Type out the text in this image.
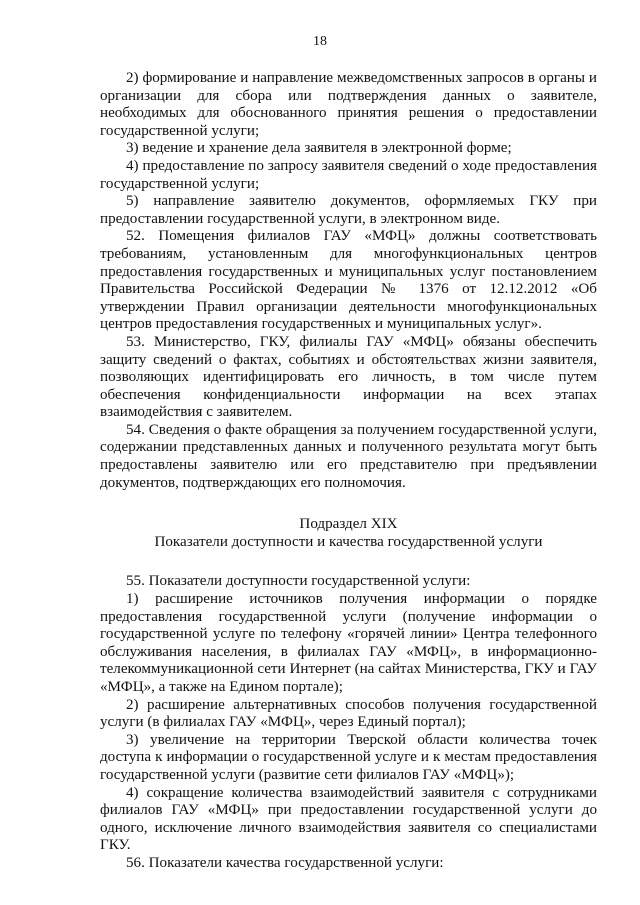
18

2) формирование и направление межведомственных запросов в органы и организации для сбора или подтверждения данных о заявителе, необходимых для обоснованного принятия решения о предоставлении государственной услуги;

3) ведение и хранение дела заявителя в электронной форме;

4) предоставление по запросу заявителя сведений о ходе предоставления государственной услуги;

5) направление заявителю документов, оформляемых ГКУ при предоставлении государственной услуги, в электронном виде.

52. Помещения филиалов ГАУ «МФЦ» должны соответствовать требованиям, установленным для многофункциональных центров предоставления государственных и муниципальных услуг постановлением Правительства Российской Федерации № 1376 от 12.12.2012 «Об утверждении Правил организации деятельности многофункциональных центров предоставления государственных и муниципальных услуг».

53. Министерство, ГКУ, филиалы ГАУ «МФЦ» обязаны обеспечить защиту сведений о фактах, событиях и обстоятельствах жизни заявителя, позволяющих идентифицировать его личность, в том числе путем обеспечения конфиденциальности информации на всех этапах взаимодействия с заявителем.

54. Сведения о факте обращения за получением государственной услуги, содержании представленных данных и полученного результата могут быть предоставлены заявителю или его представителю при предъявлении документов, подтверждающих его полномочия.

Подраздел XIX

Показатели доступности и качества государственной услуги

55. Показатели доступности государственной услуги:

1) расширение источников получения информации о порядке предоставления государственной услуги (получение информации о государственной услуге по телефону «горячей линии» Центра телефонного обслуживания населения, в филиалах ГАУ «МФЦ», в информационно-телекоммуникационной сети Интернет (на сайтах Министерства, ГКУ и ГАУ «МФЦ», а также на Едином портале);

2) расширение альтернативных способов получения государственной услуги (в филиалах ГАУ «МФЦ», через Единый портал);

3) увеличение на территории Тверской области количества точек доступа к информации о государственной услуге и к местам предоставления государственной услуги (развитие сети филиалов ГАУ «МФЦ»);

4) сокращение количества взаимодействий заявителя с сотрудниками филиалов ГАУ «МФЦ» при предоставлении государственной услуги до одного, исключение личного взаимодействия заявителя со специалистами ГКУ.

56. Показатели качества государственной услуги:
